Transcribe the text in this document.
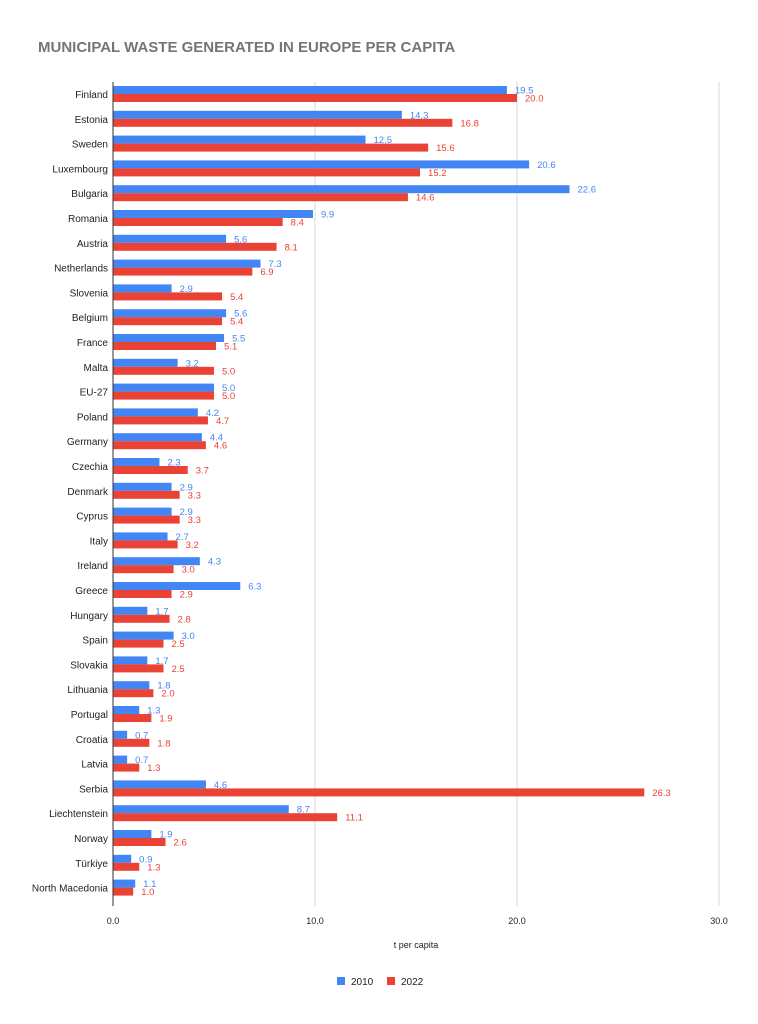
MUNICIPAL WASTE GENERATED IN EUROPE PER CAPITA
Finland
Estonia
Sweden
Luxembourg
Bulgaria
Romania
Austria
Netherlands
Slovenia
Belgium
France
Malta
EU-27
Poland
Germany
Czechia
Denmark
Cyprus
Italy
Ireland
Greece
Hungary
Spain
Slovakia
Lithuania
Portugal
Croatia
Latvia
Serbia
Liechtenstein
Norway
Türkiye
North Macedonia
19.5
20.0
14.3
16.8
12.5
15.6
20.6
15.2
22.6
14.6
9.9
8.4
5.6
8.1
7.3
6.9
2.9
5.4
5.6
5.4
5.5
5.1
3.2
5.0
5.0
5.0
4.2
4.7
4.4
4.6
2.3
3.7
2.9
3.3
2.9
3.3
2.7
3.2
4.3
3.0
6.3
2.9
1.7
2.8
3.0
2.5
1.7
2.5
1.8
2.0
1.3
1.9
0.7
1.8
0.7
1.3
4.6
26.3
8.7
11.1
1.9
2.6
0.9
1.3
1.1
1.0
0.0	10.0	20.0	30.0
t per capita
2010	2022
